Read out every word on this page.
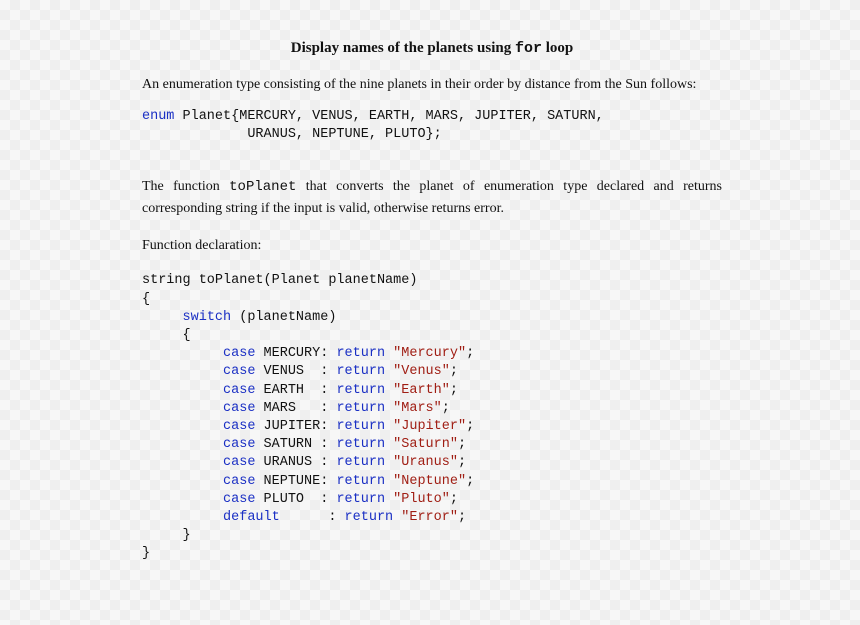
Display names of the planets using for loop

An enumeration type consisting of the nine planets in their order by distance from the Sun follows:

enum Planet{MERCURY, VENUS, EARTH, MARS, JUPITER, SATURN,
URANUS, NEPTUNE, PLUTO};

The function toPlanet that converts the planet of enumeration type declared and returns corresponding string if the input is valid, otherwise returns error.

Function declaration:

string toPlanet(Planet planetName)
{
switch (planetName)
{
case MERCURY: return "Mercury";
case VENUS  : return "Venus";
case EARTH  : return "Earth";
case MARS   : return "Mars";
case JUPITER: return "Jupiter";
case SATURN : return "Saturn";
case URANUS : return "Uranus";
case NEPTUNE: return "Neptune";
case PLUTO  : return "Pluto";
default      : return "Error";
}
}
